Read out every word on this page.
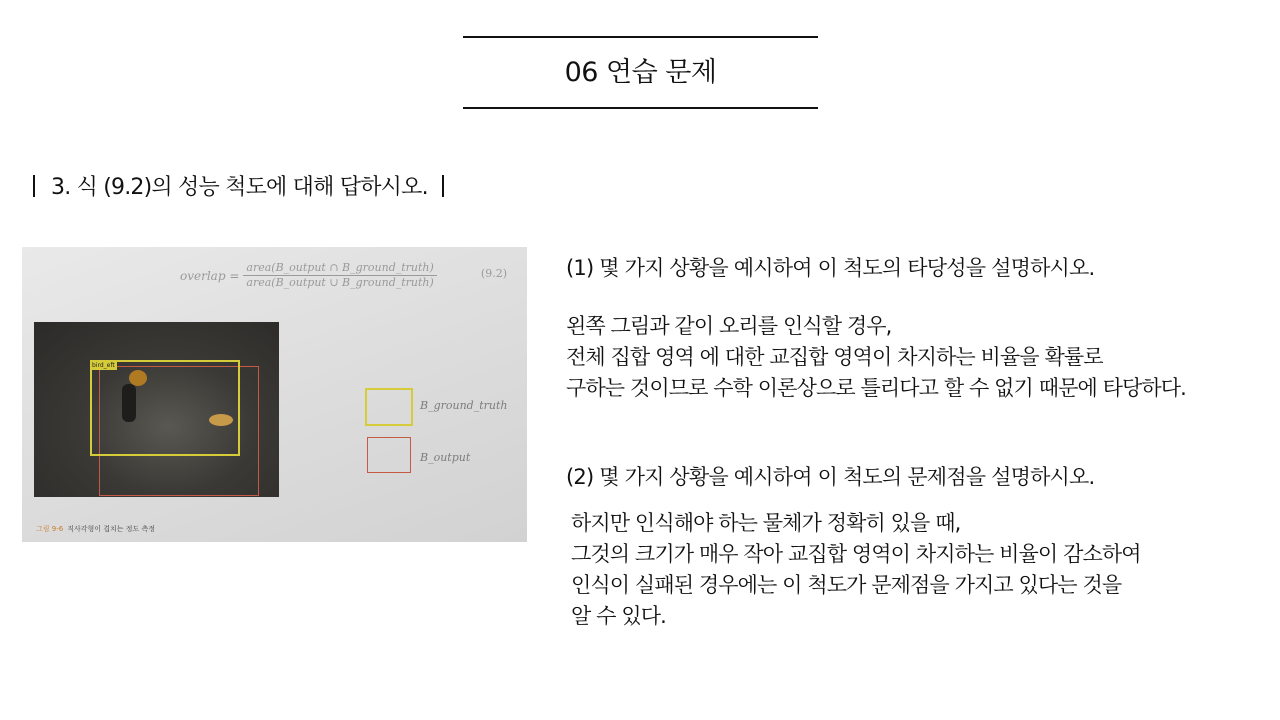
06 연습 문제
3. 식 (9.2)의 성능 척도에 대해 답하시오.
overlap = $\frac{\text{area(B\_output ∩ B\_ground\_truth)}}{\text{area(B\_output ∪ B\_ground\_truth)}}$	(9.2)
bird_eft
B_ground_truth
B_output
그림 9-6 직사각형이 겹치는 정도 측정
(1) 몇 가지 상황을 예시하여 이 척도의 타당성을 설명하시오.
왼쪽 그림과 같이 오리를 인식할 경우,
전체 집합 영역 에 대한 교집합 영역이 차지하는 비율을 확률로
구하는 것이므로 수학 이론상으로 틀리다고 할 수 없기 때문에 타당하다.
(2) 몇 가지 상황을 예시하여 이 척도의 문제점을 설명하시오.
하지만 인식해야 하는 물체가 정확히 있을 때,
그것의 크기가 매우 작아 교집합 영역이 차지하는 비율이 감소하여
인식이 실패된 경우에는 이 척도가 문제점을 가지고 있다는 것을
알 수 있다.
